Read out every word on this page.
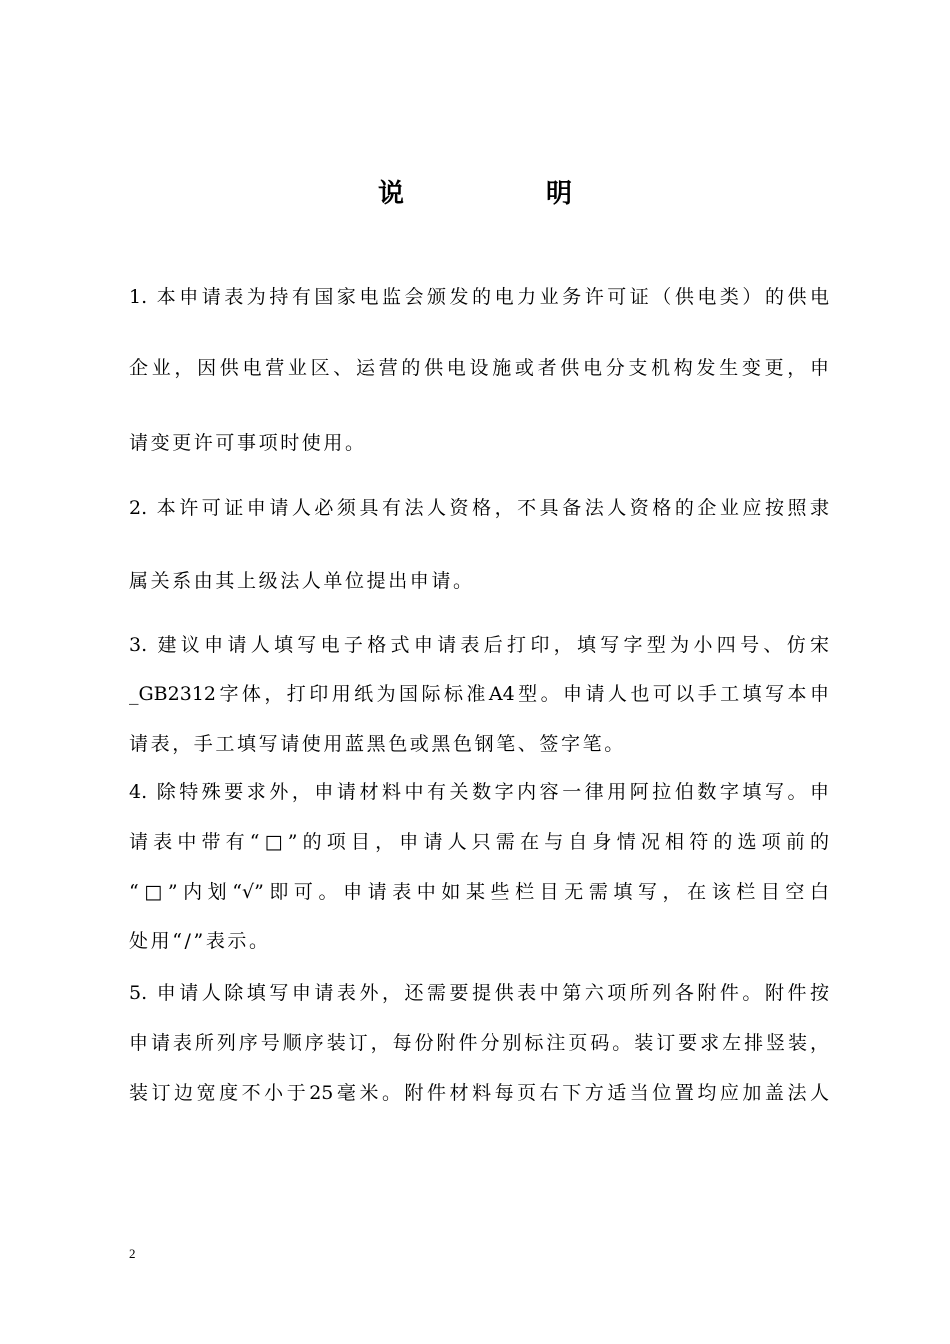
说　明
1. 本申请表为持有国家电监会颁发的电力业务许可证（供电类）的供电
企业，因供电营业区、运营的供电设施或者供电分支机构发生变更，申
请变更许可事项时使用。
2. 本许可证申请人必须具有法人资格，不具备法人资格的企业应按照隶
属关系由其上级法人单位提出申请。
3. 建议申请人填写电子格式申请表后打印，填写字型为小四号、仿宋
_GB2312字体，打印用纸为国际标准A4型。申请人也可以手工填写本申
请表，手工填写请使用蓝黑色或黑色钢笔、签字笔。
4. 除特殊要求外，申请材料中有关数字内容一律用阿拉伯数字填写。申
请表中带有“□”的项目，申请人只需在与自身情况相符的选项前的
“□”内划“√”即可。申请表中如某些栏目无需填写，在该栏目空白
处用“/”表示。
5. 申请人除填写申请表外，还需要提供表中第六项所列各附件。附件按
申请表所列序号顺序装订，每份附件分别标注页码。装订要求左排竖装，
装订边宽度不小于25毫米。附件材料每页右下方适当位置均应加盖法人
2
